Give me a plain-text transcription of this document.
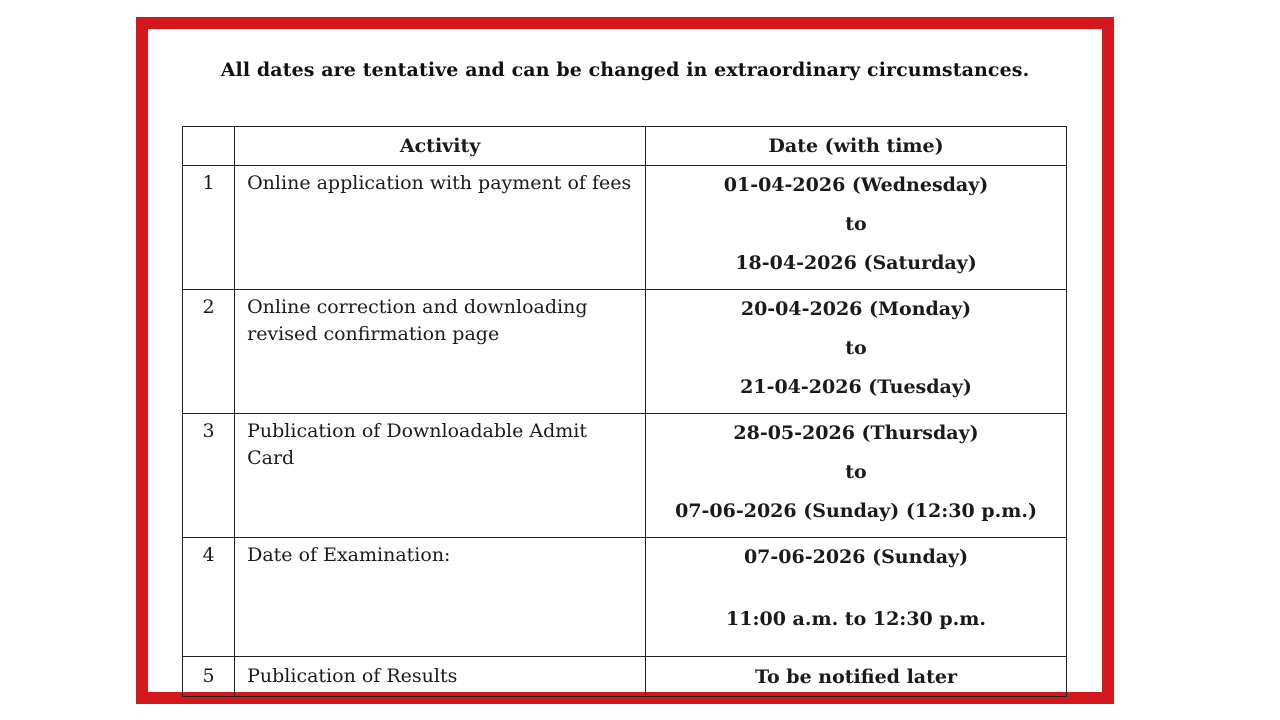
All dates are tentative and can be changed in extraordinary circumstances.
	Activity	Date (with time)
1	Online application with payment of fees	01-04-2026 (Wednesday)
to
18-04-2026 (Saturday)

2	Online correction and downloading revised confirmation page	20-04-2026 (Monday)
to
21-04-2026 (Tuesday)

3	Publication of Downloadable Admit Card	28-05-2026 (Thursday)
to
07-06-2026 (Sunday) (12:30 p.m.)

4	Date of Examination:	07-06-2026 (Sunday)
11:00 a.m. to 12:30 p.m.

5	Publication of Results	To be notified later
